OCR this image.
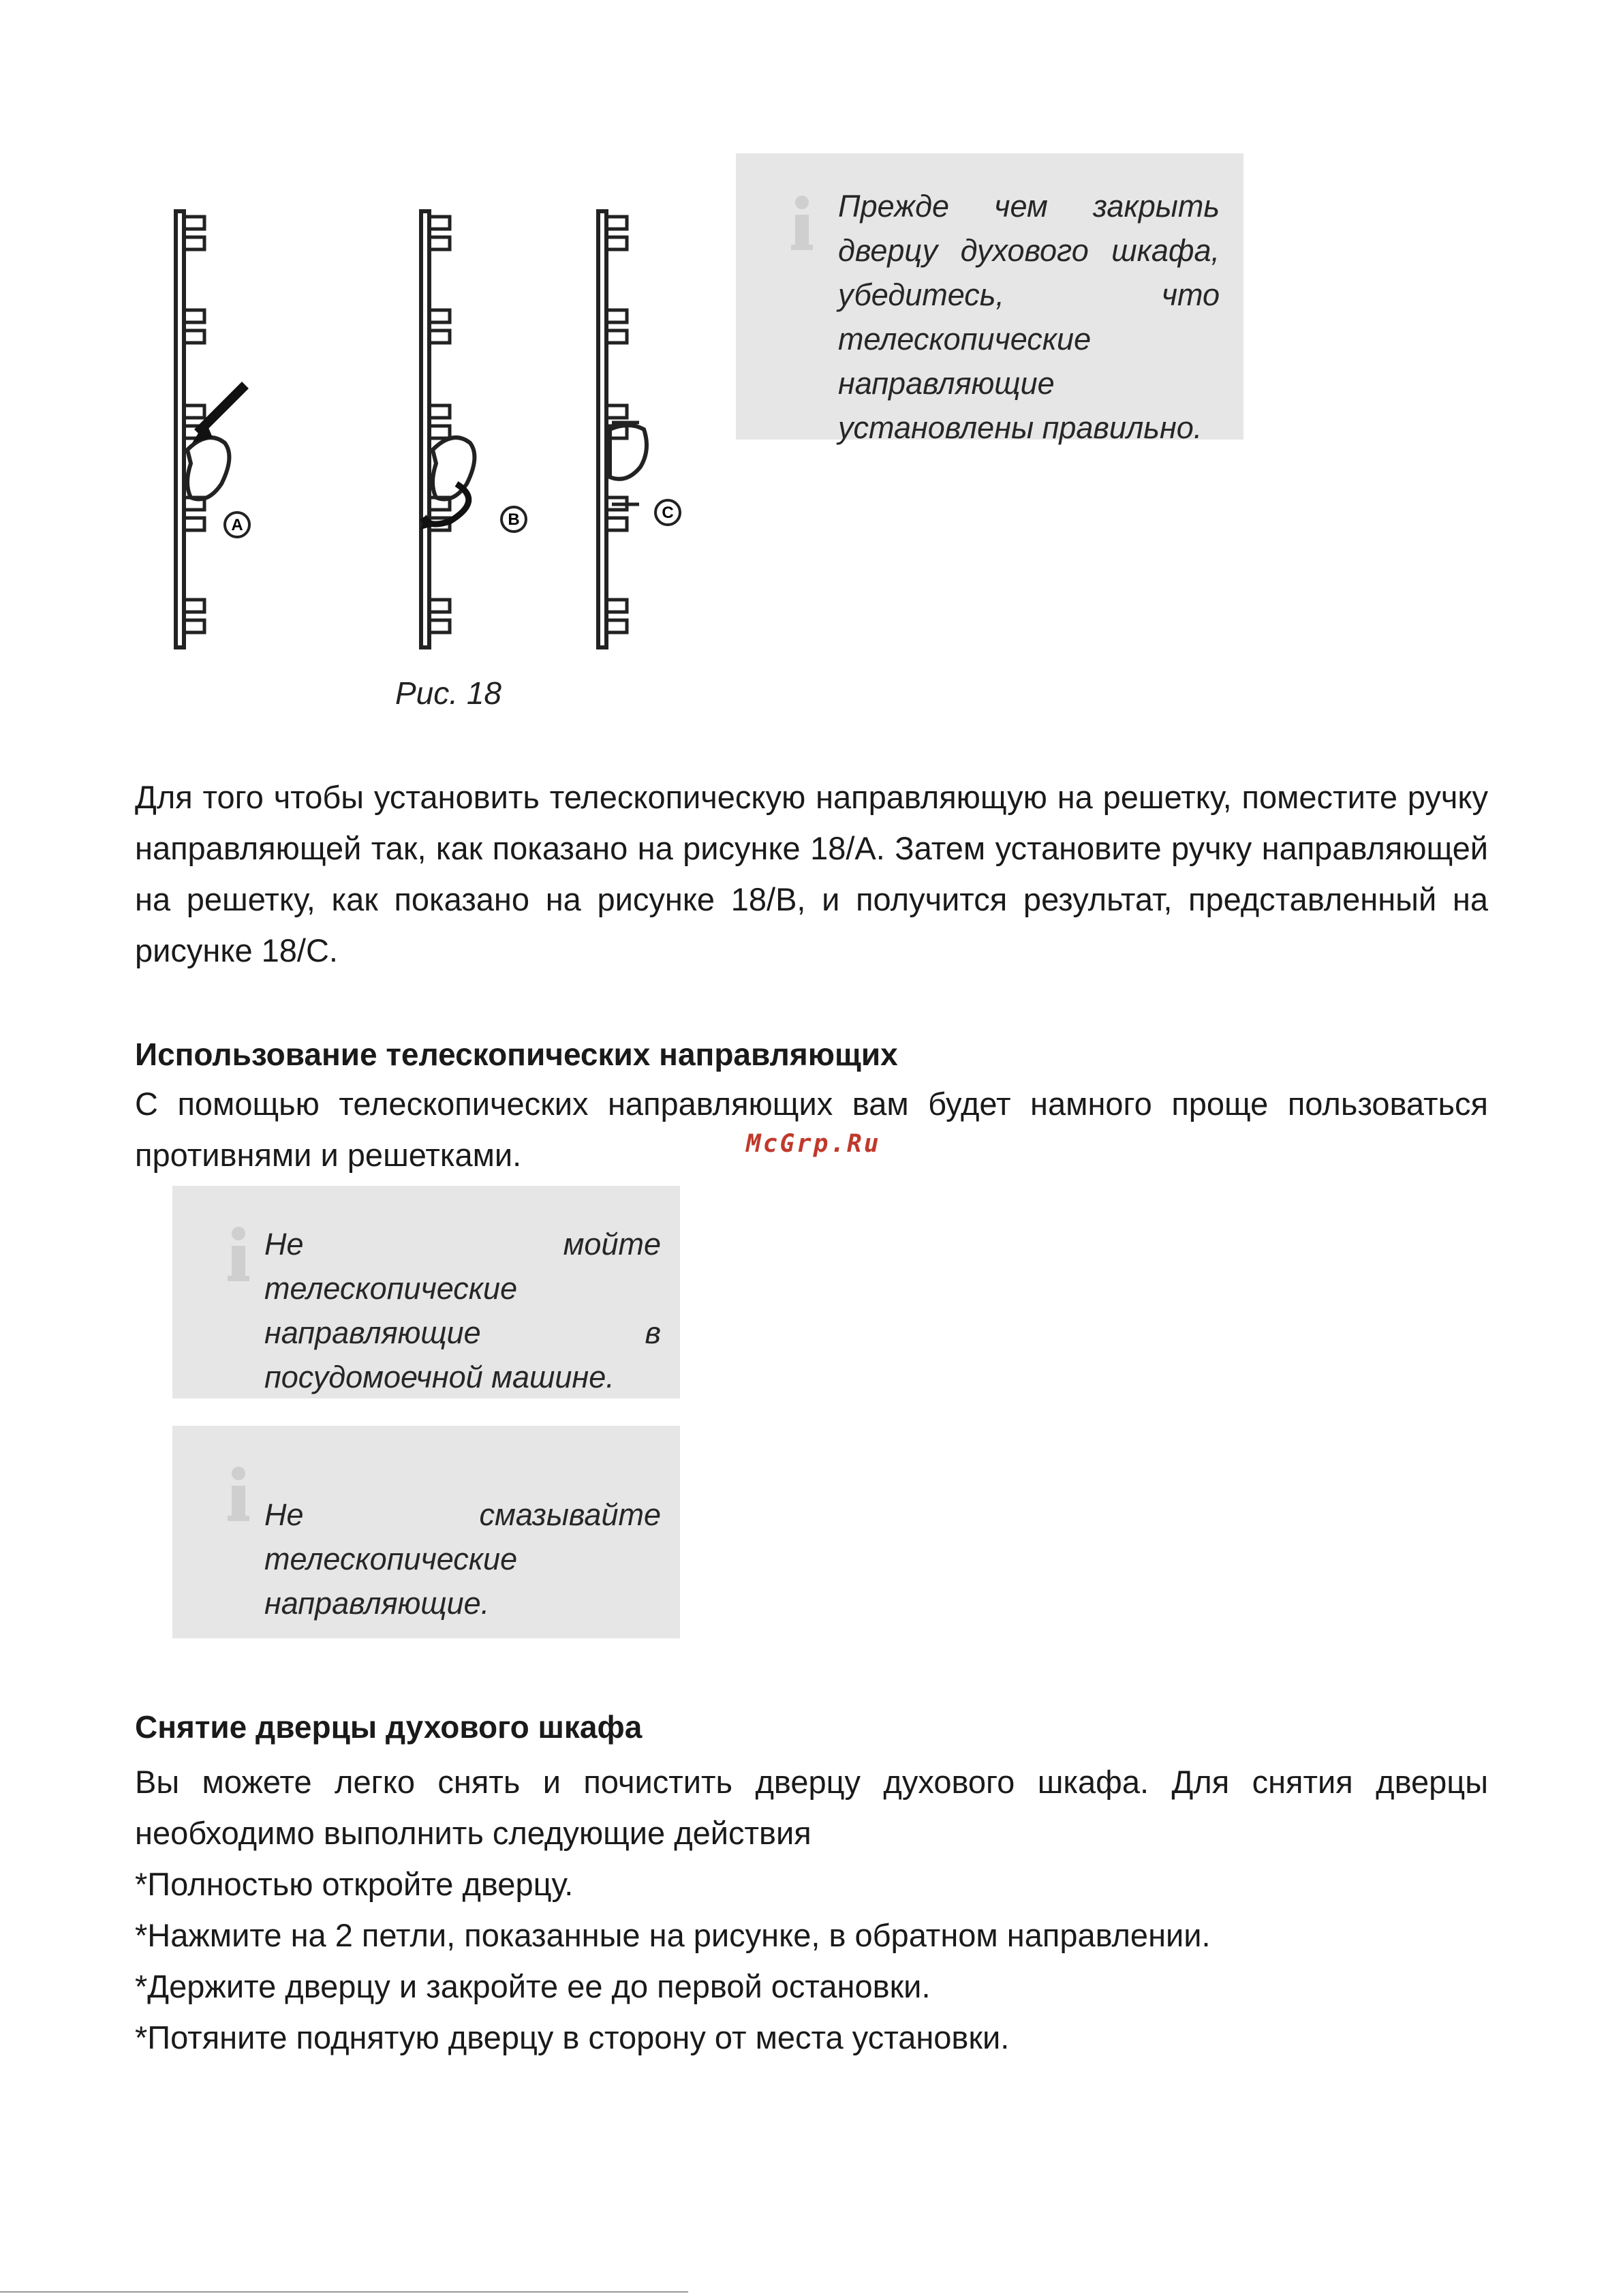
A	B	C
Рис. 18
Прежде чем закрыть дверцу духового шкафа, убедитесь, что телескопические направляющие установлены правильно.

Для того чтобы установить телескопическую направляющую на решетку, поместите ручку направляющей так, как показано на рисунке 18/A. Затем установите ручку направляющей на решетку, как показано на рисунке 18/B, и получится результат, представленный на рисунке 18/C.

Использование телескопических направляющих

С помощью телескопических направляющих вам будет намного проще пользоваться противнями и решетками.	McGrp.Ru
Не мойте телескопические направляющие в посудомоечной машине.
Не смазывайте телескопические направляющие.
Снятие дверцы духового шкафа

Вы можете легко снять и почистить дверцу духового шкафа. Для снятия дверцы необходимо выполнить следующие действия

*Полностью откройте дверцу.

*Нажмите на 2 петли, показанные на рисунке, в обратном направлении.

*Держите дверцу и закройте ее до первой остановки.

*Потяните поднятую дверцу в сторону от места установки.
